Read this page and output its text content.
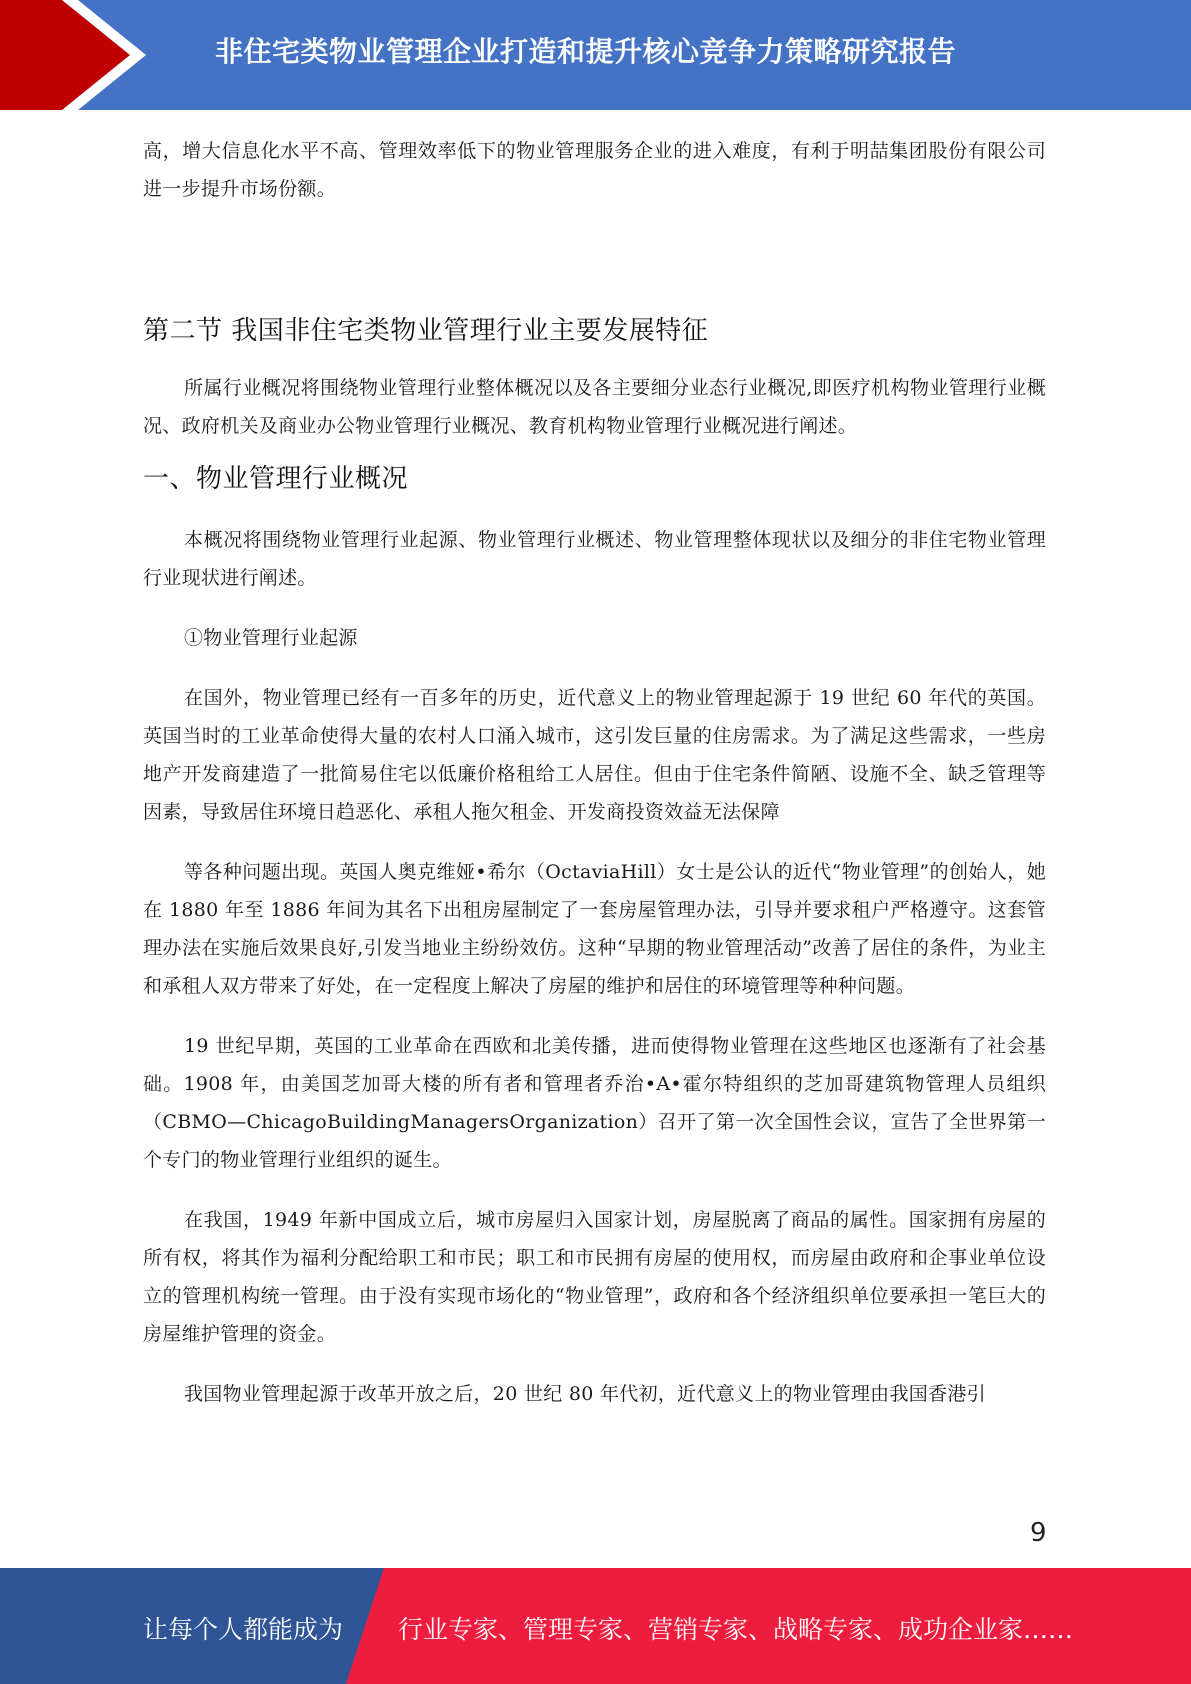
非住宅类物业管理企业打造和提升核心竞争力策略研究报告

高，增大信息化水平不高、管理效率低下的物业管理服务企业的进入难度，有利于明喆集团股份有限公司进一步提升市场份额。

第二节 我国非住宅类物业管理行业主要发展特征

所属行业概况将围绕物业管理行业整体概况以及各主要细分业态行业概况,即医疗机构物业管理行业概况、政府机关及商业办公物业管理行业概况、教育机构物业管理行业概况进行阐述。

一、物业管理行业概况

本概况将围绕物业管理行业起源、物业管理行业概述、物业管理整体现状以及细分的非住宅物业管理行业现状进行阐述。

①物业管理行业起源

在国外，物业管理已经有一百多年的历史，近代意义上的物业管理起源于 19 世纪 60 年代的英国。英国当时的工业革命使得大量的农村人口涌入城市，这引发巨量的住房需求。为了满足这些需求，一些房地产开发商建造了一批简易住宅以低廉价格租给工人居住。但由于住宅条件简陋、设施不全、缺乏管理等因素，导致居住环境日趋恶化、承租人拖欠租金、开发商投资效益无法保障

等各种问题出现。英国人奥克维娅•希尔（OctaviaHill）女士是公认的近代“物业管理”的创始人，她在 1880 年至 1886 年间为其名下出租房屋制定了一套房屋管理办法，引导并要求租户严格遵守。这套管理办法在实施后效果良好,引发当地业主纷纷效仿。这种“早期的物业管理活动”改善了居住的条件，为业主和承租人双方带来了好处，在一定程度上解决了房屋的维护和居住的环境管理等种种问题。

19 世纪早期，英国的工业革命在西欧和北美传播，进而使得物业管理在这些地区也逐渐有了社会基础。1908 年，由美国芝加哥大楼的所有者和管理者乔治•A•霍尔特组织的芝加哥建筑物管理人员组织（CBMO—ChicagoBuildingManagersOrganization）召开了第一次全国性会议，宣告了全世界第一个专门的物业管理行业组织的诞生。

在我国，1949 年新中国成立后，城市房屋归入国家计划，房屋脱离了商品的属性。国家拥有房屋的所有权，将其作为福利分配给职工和市民；职工和市民拥有房屋的使用权，而房屋由政府和企事业单位设立的管理机构统一管理。由于没有实现市场化的“物业管理”，政府和各个经济组织单位要承担一笔巨大的房屋维护管理的资金。

我国物业管理起源于改革开放之后，20 世纪 80 年代初，近代意义上的物业管理由我国香港引

9
让每个人都能成为 行业专家、管理专家、营销专家、战略专家、成功企业家……
